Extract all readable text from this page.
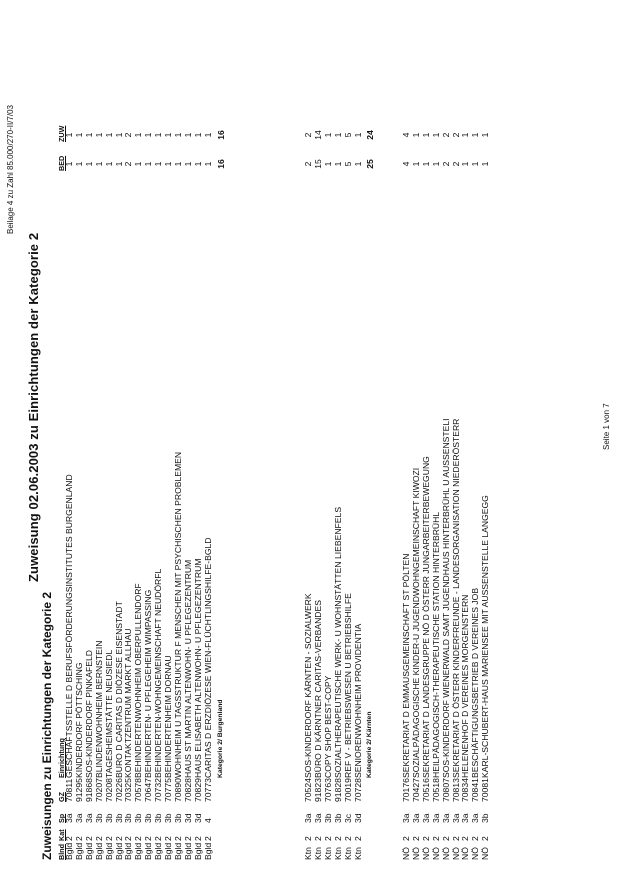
Beilage 4 zu Zahl 85.000/270-II/7/03
Zuweisung 02.06.2003 zu Einrichtungen der Kategorie 2
Zuweisungen zu Einrichtungen der Kategorie 2 Blnd
Kat
Sp
GZ
Einrichtung
BED
ZUW
Bgld
2
3a
70811
GESCHÄFTSSTELLE D BERUFSFÖRDERUNGSINSTITUTES BURGENLAND
1
1
Bgld
2
3a
91295
KINDERDORF PÖTTSCHING
1
1
Bgld
2
3a
91868
SOS-KINDERDORF PINKAFELD
1
1
Bgld
2
3b
70207
BLINDENWOHNHEIM BERNSTEIN
1
1
Bgld
2
3b
70208
TAGESHEIMSTÄTTE NEUSIEDL
1
1
Bgld
2
3b
70226
BURO D CARITAS D DIÖZESE EISENSTADT
1
1
Bgld
2
3b
70325
KONTAKTZENTRUM MARKT ALLHAU
2
2
Bgld
2
3b
70578
BEHINDERTENWOHNHEIM OBERPULLENDORF
1
1
Bgld
2
3b
70647
BEHINDERTEN- U PFLEGEHEIM WIMPASSING
1
1
Bgld
2
3b
70732
BEHINDERTEN-WOHNGEMEINSCHAFT NEUDÖRFL
1
1
Bgld
2
3b
70775
BEHINDERTENHEIM DORNAU
1
1
Bgld
2
3b
70890
WOHNHEIM U TAGSSTRUKTUR F MENSCHEN MIT PSYCHISCHEN PROBLEMEN
1
1
Bgld
2
3d
70828
HAUS ST MARTIN ALTENWOHN- U PFLEGEZENTRUM
1
1
Bgld
2
3d
70829
HAUS ELISABETH ALTENWOHN- U PFLEGEZENTRUM
1
1
Bgld
2
4
70773
CARITAS D ERZDIÖZESE WIEN-FLÜCHTLINGSHILFE-BGLD
1
1
Kategorie 2/ Burgenland
16
16
Ktn
2
3a
70524
SOS-KINDERDORF KÄRNTEN - SOZIALWERK
2
2
Ktn
2
3a
91823
BÜRO D KÄRNTNER CARITAS-VERBANDES
15
14
Ktn
2
3b
70763
COPY SHOP BEST-COPY
1
1
Ktn
2
3b
91828
SOZIALTHERAPEUTISCHE WERK- U WOHNSTÄTTEN LIEBENFELS
1
1
Ktn
2
3c
70019
REF V - BETRIEBSWESEN U BETRIEBSHILFE
5
5
Ktn
2
3d
70728
SENIORENWOHNHEIM PROVIDENTIA
1
1
Kategorie 2/ Kärnten
25
24
NÖ
2
3a
70176
SEKRETARIAT D EMMAUSGEMEINSCHAFT ST PÖLTEN
4
4
NÖ
2
3a
70427
SOZIALPÄDAGOGISCHE KINDER-U JUGENDWOHNGEMEINSCHAFT KIWOZI
1
1
NÖ
2
3a
70516
SEKRETARIAT D LANDESGRUPPE NÖ D ÖSTERR JUNGARBEITERBEWEGUNG
1
1
NÖ
2
3a
70518
HEILPÄDAGOGISCH-THERAPEUTISCHE STATION HINTERBRÜHL
1
1
NÖ
2
3a
70807
SOS-KINDERDORF WIENERWALD SAMT JUGENDHAUS HINTERBRÜHL U AUSSENSTELI
2
2
NÖ
2
3a
70813
SEKRETARIAT D ÖSTERR KINDERFREUNDE - LANDESORGANISATION NIEDERÖSTERR
2
2
NÖ
2
3a
70834
HELENENHOF D VEREINES MORGENSTERN
1
1
NÖ
2
3a
70841
BESCHÄFTIGUNGSBETRIEB D VEREINES JOB
1
1
NÖ
2
3b
70081
KARL-SCHUBERT-HAUS MARIENSEE MIT AUSSENSTELLE LANGEGG
1
1
Seite 1 von 7
